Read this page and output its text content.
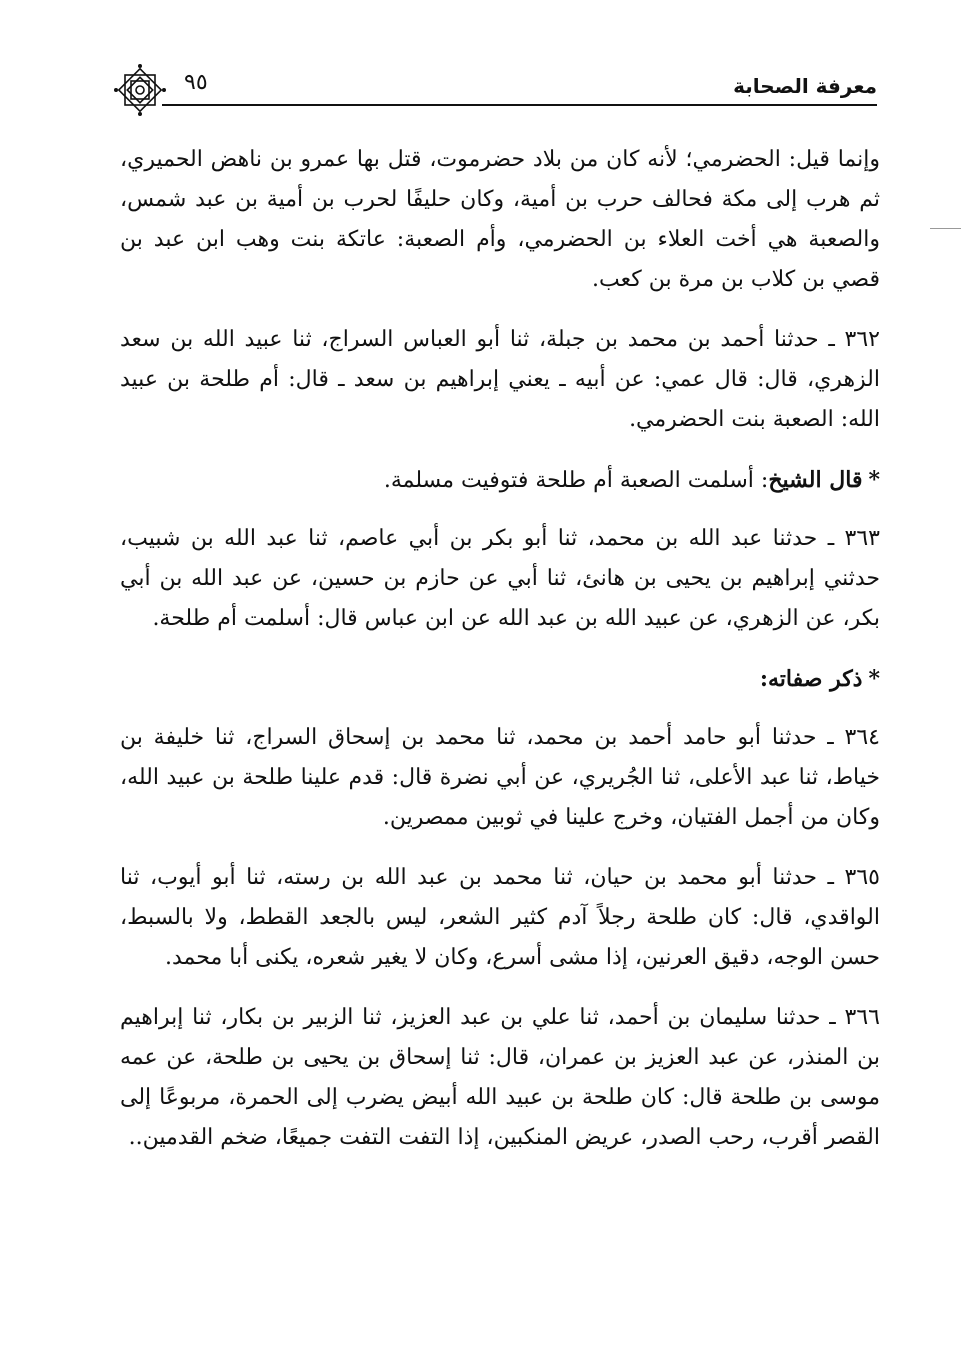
٩٥	معرفة الصحابة

وإنما قيل: الحضرمي؛ لأنه كان من بلاد حضرموت، قتل بها عمرو بن ناهض الحميري، ثم هرب إلى مكة فحالف حرب بن أمية، وكان حليفًا لحرب بن أمية بن عبد شمس، والصعبة هي أخت العلاء بن الحضرمي، وأم الصعبة: عاتكة بنت وهب ابن عبد بن قصي بن كلاب بن مرة بن كعب.

٣٦٢ ـ حدثنا أحمد بن محمد بن جبلة، ثنا أبو العباس السراج، ثنا عبيد الله بن سعد الزهري، قال: قال عمي: عن أبيه ـ يعني إبراهيم بن سعد ـ قال: أم طلحة بن عبيد الله: الصعبة بنت الحضرمي.

*قال الشيخ: أسلمت الصعبة أم طلحة فتوفيت مسلمة.

٣٦٣ ـ حدثنا عبد الله بن محمد، ثنا أبو بكر بن أبي عاصم، ثنا عبد الله بن شبيب، حدثني إبراهيم بن يحيى بن هانئ، ثنا أبي عن حازم بن حسين، عن عبد الله بن أبي بكر، عن الزهري، عن عبيد الله بن عبد الله عن ابن عباس قال: أسلمت أم طلحة.

*ذكر صفاته:

٣٦٤ ـ حدثنا أبو حامد أحمد بن محمد، ثنا محمد بن إسحاق السراج، ثنا خليفة بن خياط، ثنا عبد الأعلى، ثنا الجُريري، عن أبي نضرة قال: قدم علينا طلحة بن عبيد الله، وكان من أجمل الفتيان، وخرج علينا في ثوبين ممصرين.

٣٦٥ ـ حدثنا أبو محمد بن حيان، ثنا محمد بن عبد الله بن رسته، ثنا أبو أيوب، ثنا الواقدي، قال: كان طلحة رجلاً آدم كثير الشعر، ليس بالجعد القطط، ولا بالسبط، حسن الوجه، دقيق العرنين، إذا مشى أسرع، وكان لا يغير شعره، يكنى أبا محمد.

٣٦٦ ـ حدثنا سليمان بن أحمد، ثنا علي بن عبد العزيز، ثنا الزبير بن بكار، ثنا إبراهيم بن المنذر، عن عبد العزيز بن عمران، قال: ثنا إسحاق بن يحيى بن طلحة، عن عمه موسى بن طلحة قال: كان طلحة بن عبيد الله أبيض يضرب إلى الحمرة، مربوعًا إلى القصر أقرب، رحب الصدر، عريض المنكبين، إذا التفت التفت جميعًا، ضخم القدمين..
